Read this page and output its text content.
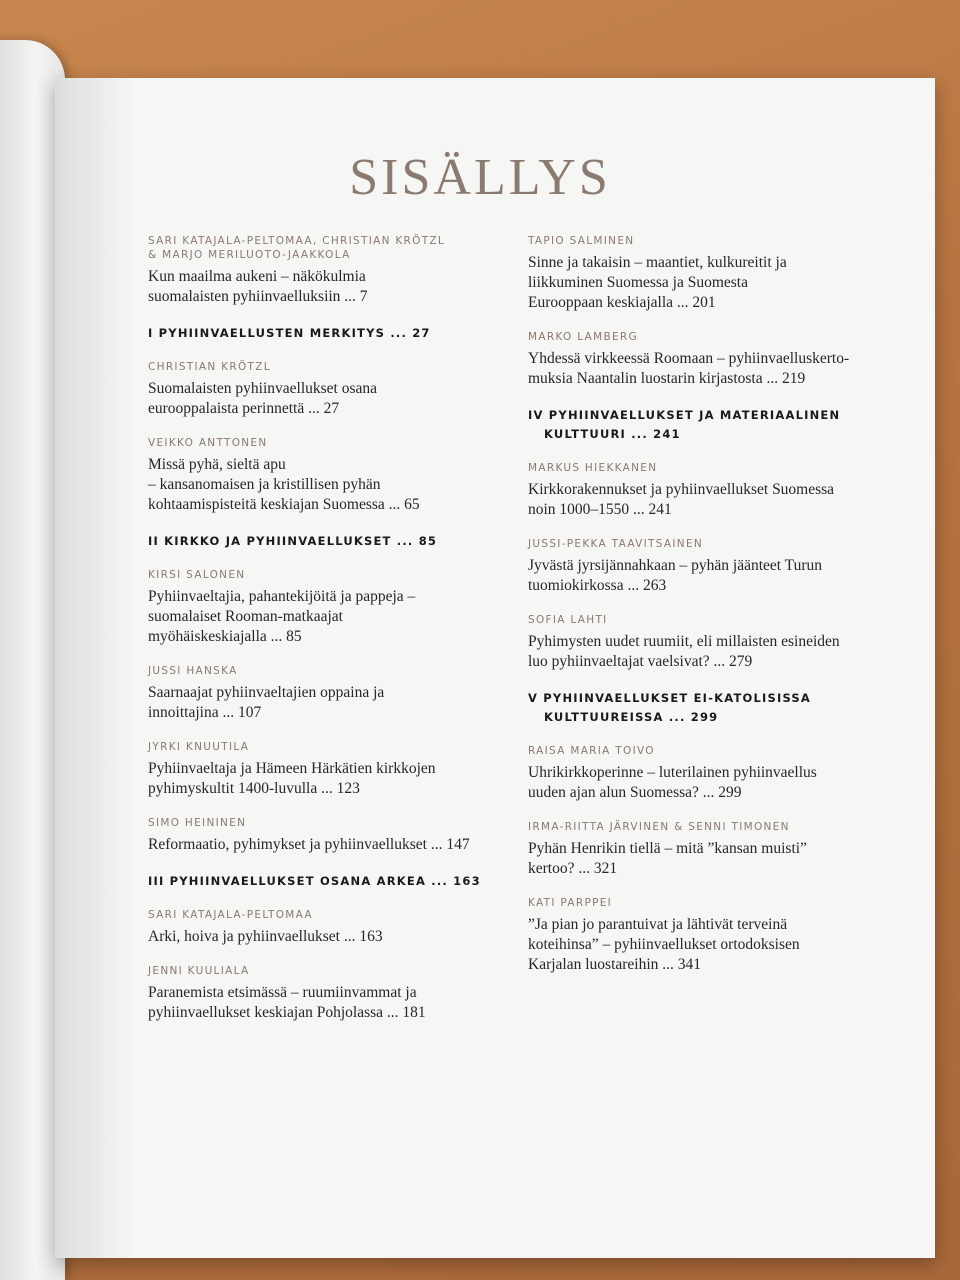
SISÄLLYS
SARI KATAJALA-PELTOMAA, CHRISTIAN KRÖTZL
& MARJO MERILUOTO-JAAKKOLA
Kun maailma aukeni – näkökulmia
suomalaisten pyhiinvaelluksiin ... 7
I PYHIINVAELLUSTEN MERKITYS ... 27
CHRISTIAN KRÖTZL
Suomalaisten pyhiinvaellukset osana
eurooppalaista perinnettä ... 27
VEIKKO ANTTONEN
Missä pyhä, sieltä apu
– kansanomaisen ja kristillisen pyhän
kohtaamispisteitä keskiajan Suomessa ... 65
II KIRKKO JA PYHIINVAELLUKSET ... 85
KIRSI SALONEN
Pyhiinvaeltajia, pahantekijöitä ja pappeja –
suomalaiset Rooman-matkaajat
myöhäiskeskiajalla ... 85
JUSSI HANSKA
Saarnaajat pyhiinvaeltajien oppaina ja
innoittajina ... 107
JYRKI KNUUTILA
Pyhiinvaeltaja ja Hämeen Härkätien kirkkojen
pyhimyskultit 1400-luvulla ... 123
SIMO HEININEN
Reformaatio, pyhimykset ja pyhiinvaellukset ... 147
III PYHIINVAELLUKSET OSANA ARKEA ... 163
SARI KATAJALA-PELTOMAA
Arki, hoiva ja pyhiinvaellukset ... 163
JENNI KUULIALA
Paranemista etsimässä – ruumiinvammat ja
pyhiinvaellukset keskiajan Pohjolassa ... 181
TAPIO SALMINEN
Sinne ja takaisin – maantiet, kulkureitit ja
liikkuminen Suomessa ja Suomesta
Eurooppaan keskiajalla ... 201
MARKO LAMBERG
Yhdessä virkkeessä Roomaan – pyhiinvaelluskerto-
muksia Naantalin luostarin kirjastosta ... 219
IV PYHIINVAELLUKSET JA MATERIAALINEN
KULTTUURI ... 241
MARKUS HIEKKANEN
Kirkkorakennukset ja pyhiinvaellukset Suomessa
noin 1000–1550 ... 241
JUSSI-PEKKA TAAVITSAINEN
Jyvästä jyrsijännahkaan – pyhän jäänteet Turun
tuomiokirkossa ... 263
SOFIA LAHTI
Pyhimysten uudet ruumiit, eli millaisten esineiden
luo pyhiinvaeltajat vaelsivat? ... 279
V PYHIINVAELLUKSET EI-KATOLISISSA
KULTTUUREISSA ... 299
RAISA MARIA TOIVO
Uhrikirkkoperinne – luterilainen pyhiinvaellus
uuden ajan alun Suomessa? ... 299
IRMA-RIITTA JÄRVINEN & SENNI TIMONEN
Pyhän Henrikin tiellä – mitä ”kansan muisti”
kertoo? ... 321
KATI PARPPEI
”Ja pian jo parantuivat ja lähtivät terveinä
koteihinsa” – pyhiinvaellukset ortodoksisen
Karjalan luostareihin ... 341
